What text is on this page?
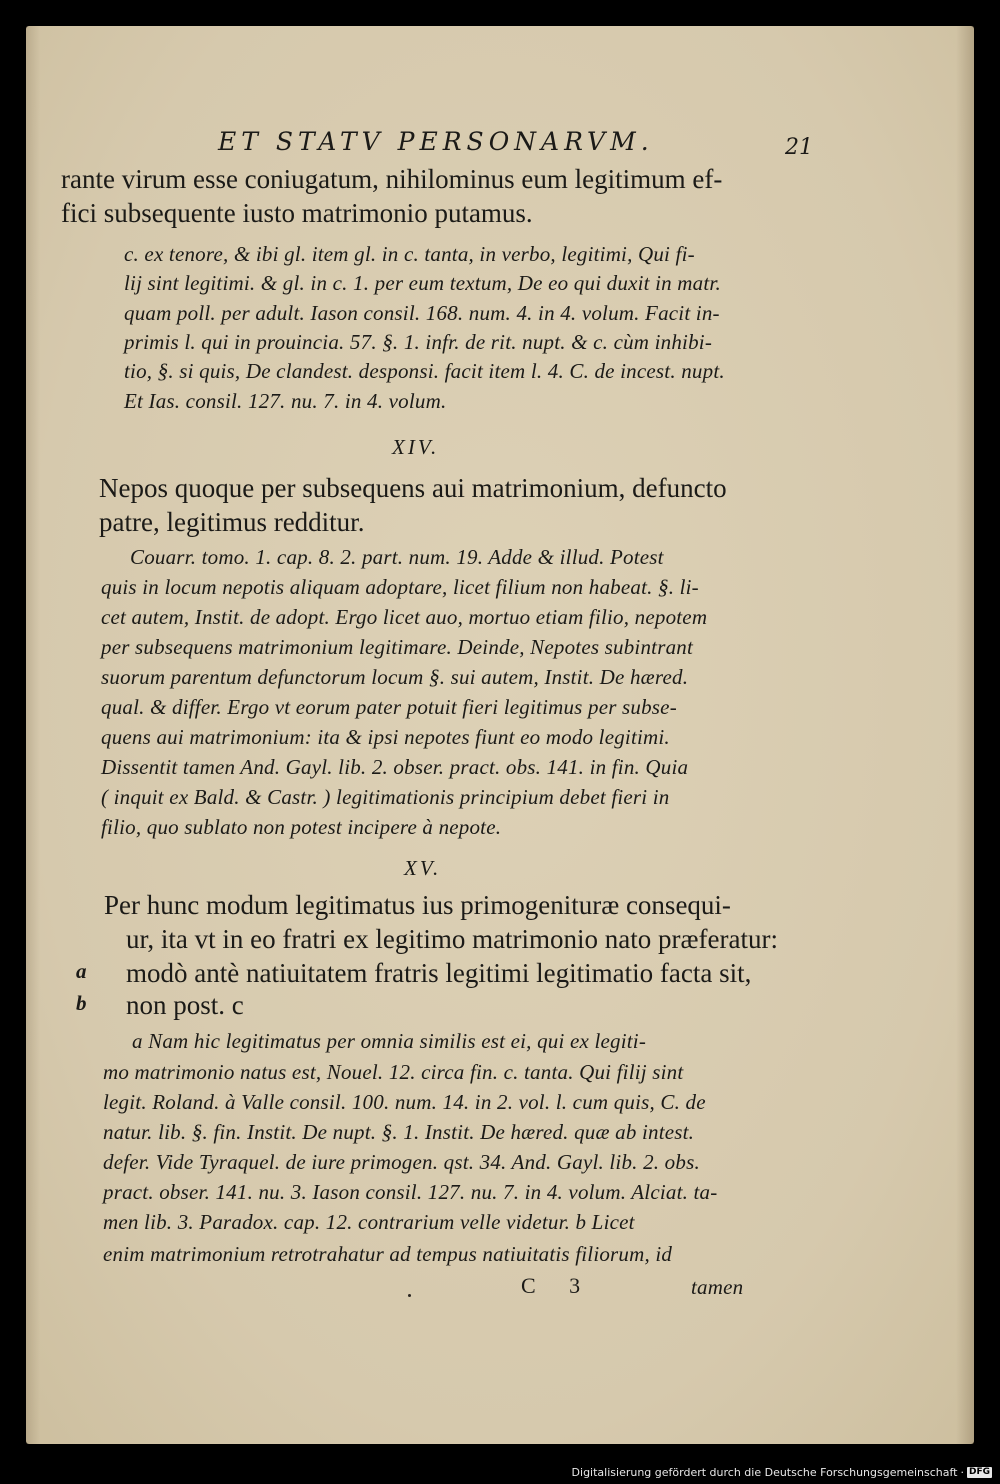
ET STATV PERSONARVM.	21
rante virum esse coniugatum, nihilominus eum legitimum ef-
fici subsequente iusto matrimonio putamus.
c. ex tenore, & ibi gl. item gl. in c. tanta, in verbo, legitimi, Qui fi-
lij sint legitimi. & gl. in c. 1. per eum textum, De eo qui duxit in matr.
quam poll. per adult. Iason consil. 168. num. 4. in 4. volum. Facit in-
primis l. qui in prouincia. 57. §. 1. infr. de rit. nupt. & c. cùm inhibi-
tio, §. si quis, De clandest. desponsi. facit item l. 4. C. de incest. nupt.
Et Ias. consil. 127. nu. 7. in 4. volum.
XIV.
Nepos quoque per subsequens aui matrimonium, defuncto
patre, legitimus redditur.
Couarr. tomo. 1. cap. 8. 2. part. num. 19. Adde & illud. Potest
quis in locum nepotis aliquam adoptare, licet filium non habeat. §. li-
cet autem, Instit. de adopt. Ergo licet auo, mortuo etiam filio, nepotem
per subsequens matrimonium legitimare. Deinde, Nepotes subintrant
suorum parentum defunctorum locum §. sui autem, Instit. De hæred.
qual. & differ. Ergo vt eorum pater potuit fieri legitimus per subse-
quens aui matrimonium: ita & ipsi nepotes fiunt eo modo legitimi.
Dissentit tamen And. Gayl. lib. 2. obser. pract. obs. 141. in fin. Quia
( inquit ex Bald. & Castr. ) legitimationis principium debet fieri in
filio, quo sublato non potest incipere à nepote.
XV.
Per hunc modum legitimatus ius primogenituræ consequi-
ur, ita vt in eo fratri ex legitimo matrimonio nato præferatur:
modò antè natiuitatem fratris legitimi legitimatio facta sit,
non post. c
a
b
a Nam hic legitimatus per omnia similis est ei, qui ex legiti-
mo matrimonio natus est, Nouel. 12. circa fin. c. tanta. Qui filij sint
legit. Roland. à Valle consil. 100. num. 14. in 2. vol. l. cum quis, C. de
natur. lib. §. fin. Instit. De nupt. §. 1. Instit. De hæred. quæ ab intest.
defer. Vide Tyraquel. de iure primogen. qst. 34. And. Gayl. lib. 2. obs.
pract. obser. 141. nu. 3. Iason consil. 127. nu. 7. in 4. volum. Alciat. ta-
men lib. 3. Paradox. cap. 12. contrarium velle videtur. b Licet
enim matrimonium retrotrahatur ad tempus natiuitatis filiorum, id
C 3	tamen
Digitalisierung gefördert durch die Deutsche Forschungsgemeinschaft · DFG
